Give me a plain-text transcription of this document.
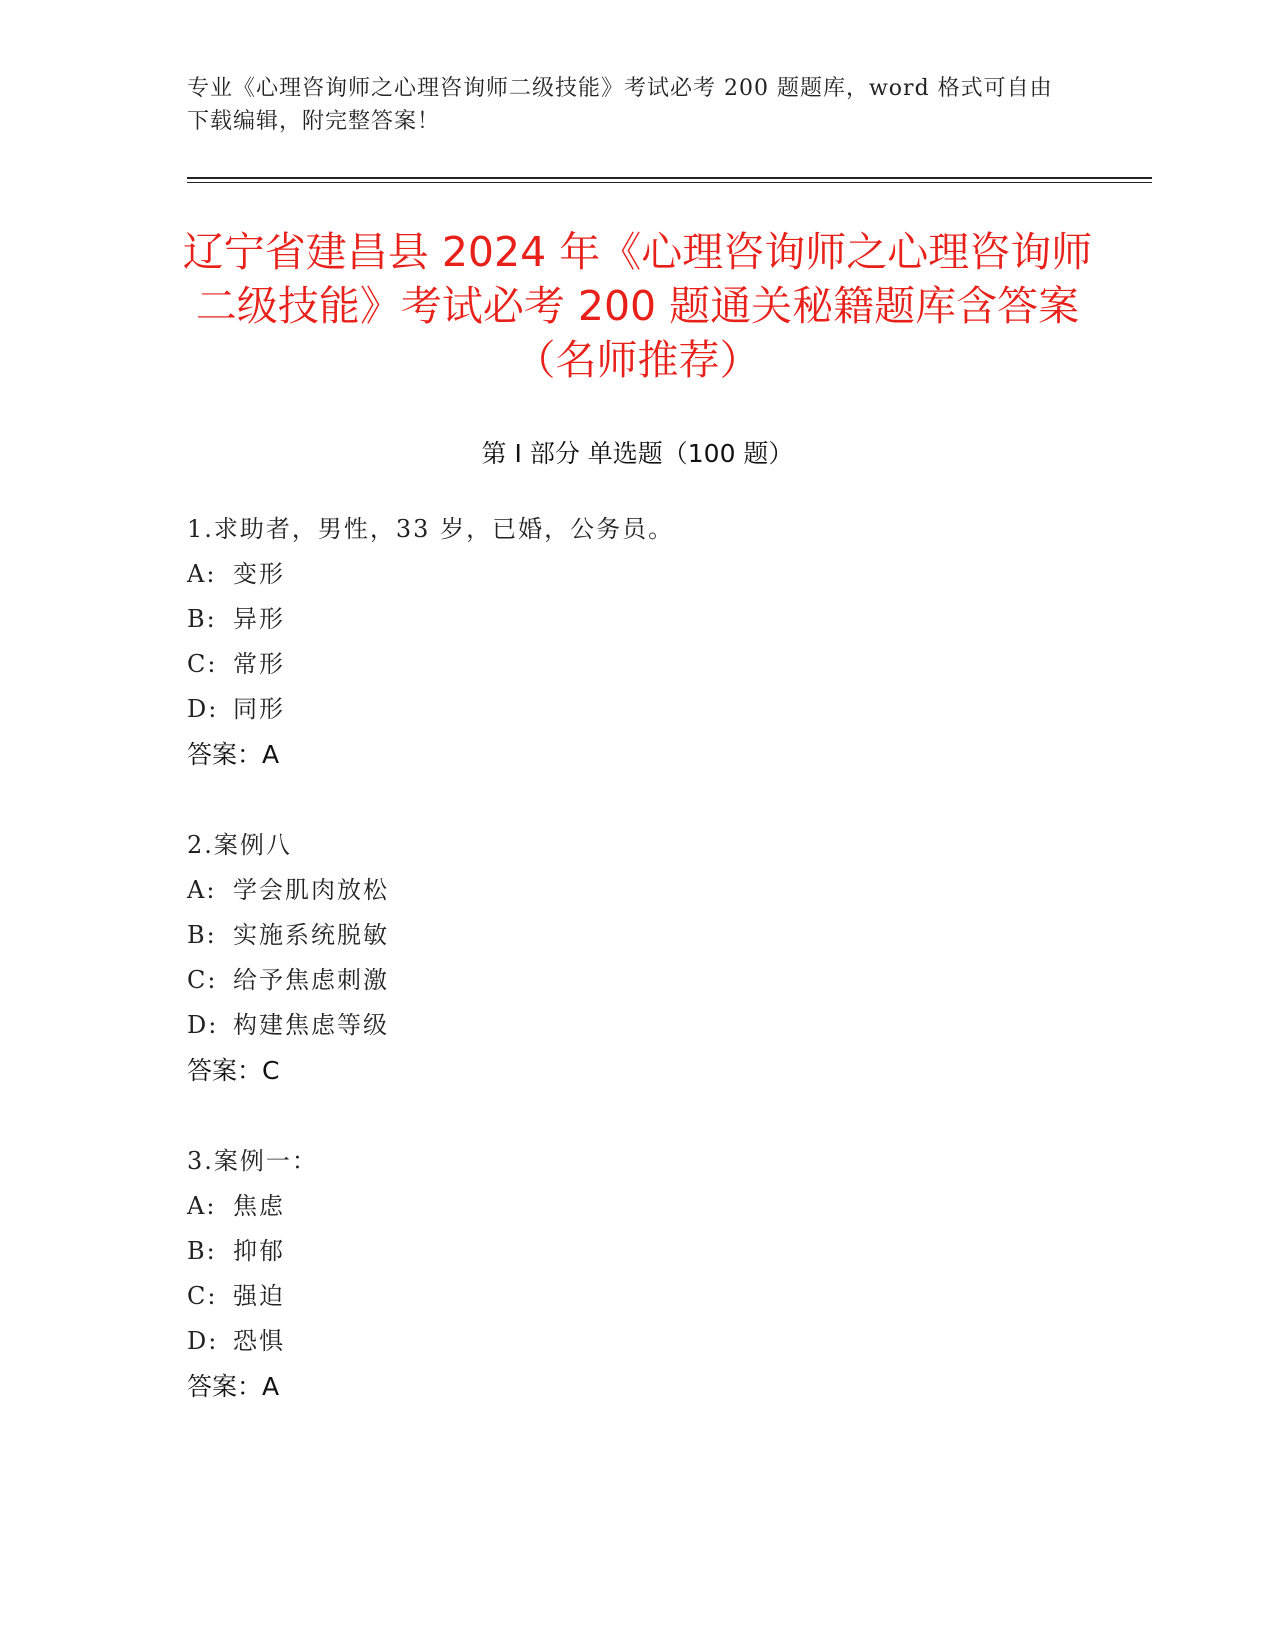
专业《心理咨询师之心理咨询师二级技能》考试必考 200 题题库，word 格式可自由下载编辑，附完整答案！
辽宁省建昌县 2024 年《心理咨询师之心理咨询师二级技能》考试必考 200 题通关秘籍题库含答案（名师推荐）
第 I 部分 单选题（100 题）
1.求助者，男性，33 岁，已婚，公务员。
A: 变形
B: 异形
C: 常形
D: 同形
答案：A
2.案例八
A: 学会肌肉放松
B: 实施系统脱敏
C: 给予焦虑刺激
D: 构建焦虑等级
答案：C
3.案例一：
A: 焦虑
B: 抑郁
C: 强迫
D: 恐惧
答案：A
